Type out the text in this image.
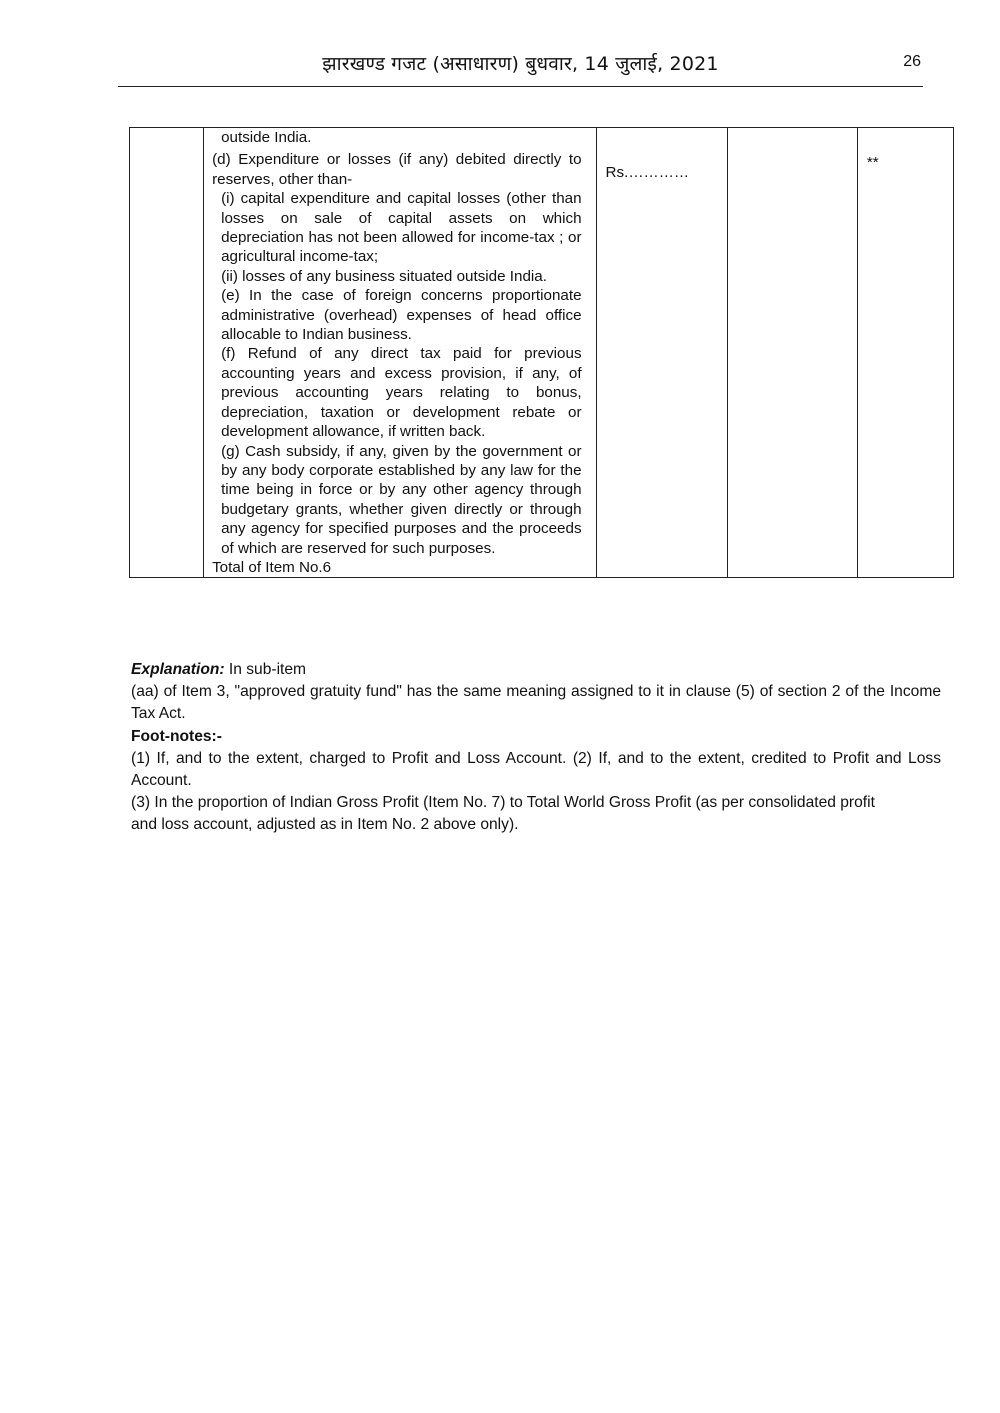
झारखण्ड गजट (असाधारण) बुधवार, 14 जुलाई, 2021	26

outside India.
(d) Expenditure or losses (if any) debited directly to reserves, other than-
(i) capital expenditure and capital losses (other than losses on sale of capital assets on which depreciation has not been allowed for income-tax ; or agricultural income-tax;
(ii) losses of any business situated outside India.
(e) In the case of foreign concerns proportionate administrative (overhead) expenses of head office allocable to Indian business.
(f) Refund of any direct tax paid for previous accounting years and excess provision, if any, of previous accounting years relating to bonus, depreciation, taxation or development rebate or development allowance, if written back.
(g) Cash subsidy, if any, given by the government or by any body corporate established by any law for the time being in force or by any other agency through budgetary grants, whether given directly or through any agency for specified purposes and the proceeds of which are reserved for such purposes.
Total of Item No.6
	Rs.…………		**
Explanation: In sub-item
(aa) of Item 3, "approved gratuity fund" has the same meaning assigned to it in clause (5) of section 2 of the Income Tax Act.
Foot-notes:-
(1) If, and to the extent, charged to Profit and Loss Account. (2) If, and to the extent, credited to Profit and Loss Account.
(3) In the proportion of Indian Gross Profit (Item No. 7) to Total World Gross Profit (as per consolidated profit
and loss account, adjusted as in Item No. 2 above only).
